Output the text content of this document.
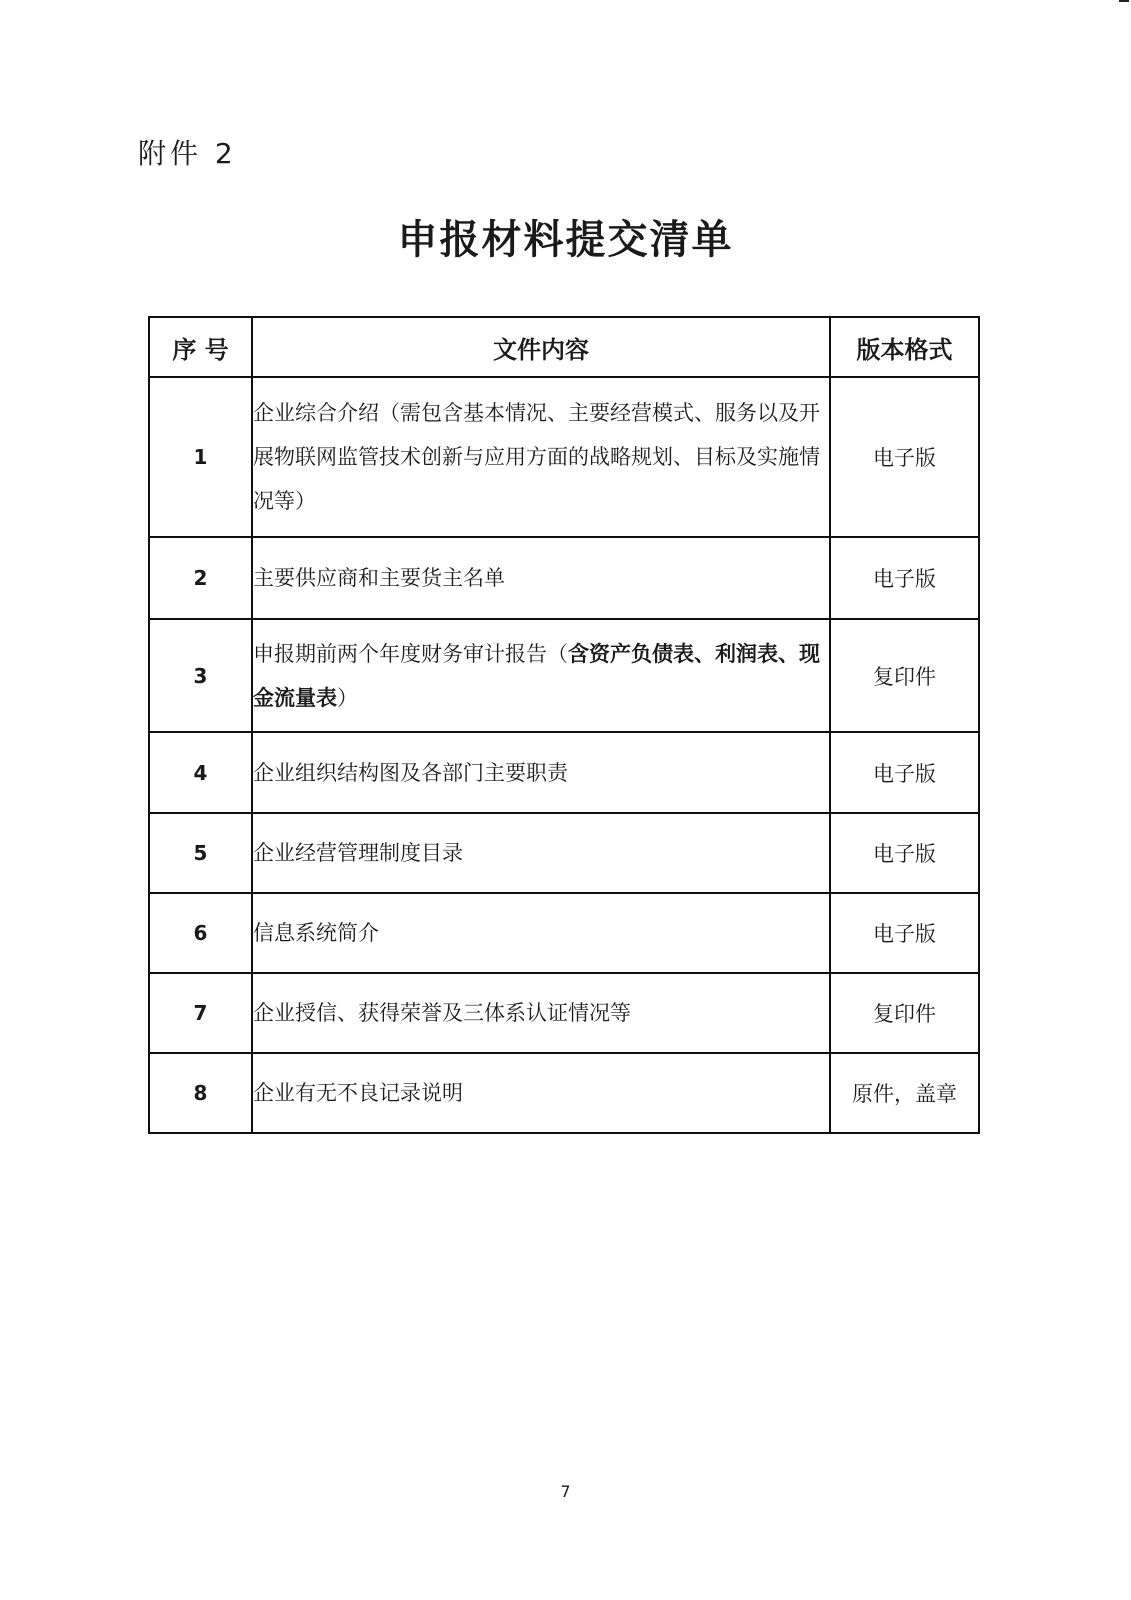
附件 2
申报材料提交清单
序 号	文件内容	版本格式
1	企业综合介绍（需包含基本情况、主要经营模式、服务以及开展物联网监管技术创新与应用方面的战略规划、目标及实施情况等）	电子版
2	主要供应商和主要货主名单	电子版
3	申报期前两个年度财务审计报告（含资产负债表、利润表、现金流量表）	复印件
4	企业组织结构图及各部门主要职责	电子版
5	企业经营管理制度目录	电子版
6	信息系统简介	电子版
7	企业授信、获得荣誉及三体系认证情况等	复印件
8	企业有无不良记录说明	原件，盖章
7
